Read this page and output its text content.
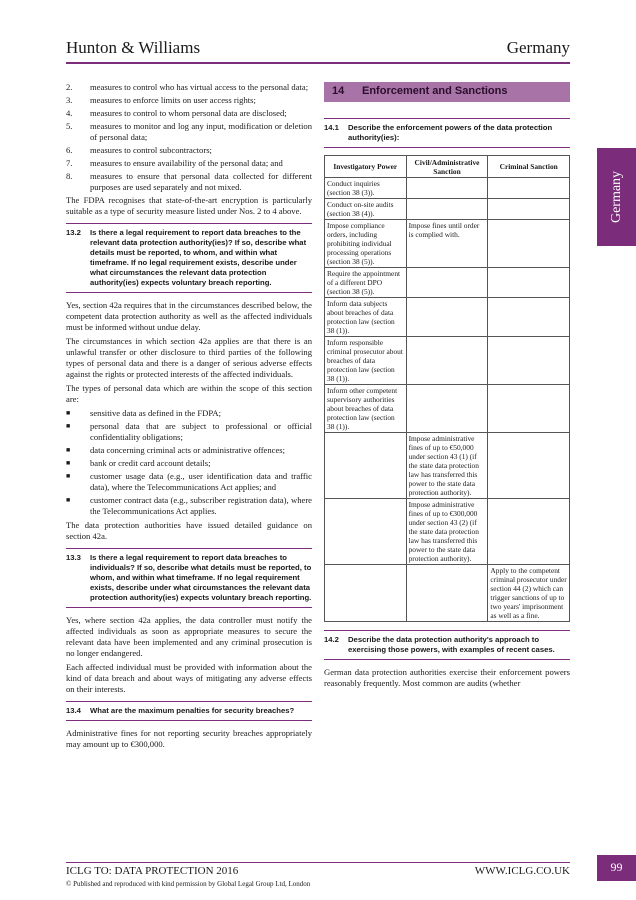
Hunton & Williams	Germany
Germany
2. measures to control who has virtual access to the personal data;
3. measures to enforce limits on user access rights;
4. measures to control to whom personal data are disclosed;
5. measures to monitor and log any input, modification or deletion of personal data;
6. measures to control subcontractors;
7. measures to ensure availability of the personal data; and
8. measures to ensure that personal data collected for different purposes are used separately and not mixed.
The FDPA recognises that state-of-the-art encryption is particularly suitable as a type of security measure listed under Nos. 2 to 4 above.
13.2	Is there a legal requirement to report data breaches to the relevant data protection authority(ies)? If so, describe what details must be reported, to whom, and within what timeframe. If no legal requirement exists, describe under what circumstances the relevant data protection authority(ies) expects voluntary breach reporting.
Yes, section 42a requires that in the circumstances described below, the competent data protection authority as well as the affected individuals must be informed without undue delay.
The circumstances in which section 42a applies are that there is an unlawful transfer or other disclosure to third parties of the following types of personal data and there is a danger of serious adverse effects against the rights or protected interests of the affected individuals.
The types of personal data which are within the scope of this section are:
■ sensitive data as defined in the FDPA;
■ personal data that are subject to professional or official confidentiality obligations;
■ data concerning criminal acts or administrative offences;
■ bank or credit card account details;
■ customer usage data (e.g., user identification data and traffic data), where the Telecommunications Act applies; and
■ customer contract data (e.g., subscriber registration data), where the Telecommunications Act applies.
The data protection authorities have issued detailed guidance on section 42a.
13.3	Is there a legal requirement to report data breaches to individuals? If so, describe what details must be reported, to whom, and within what timeframe. If no legal requirement exists, describe under what circumstances the relevant data protection authority(ies) expects voluntary breach reporting.
Yes, where section 42a applies, the data controller must notify the affected individuals as soon as appropriate measures to secure the relevant data have been implemented and any criminal prosecution is no longer endangered.
Each affected individual must be provided with information about the kind of data breach and about ways of mitigating any adverse effects on their interests.
13.4	What are the maximum penalties for security breaches?
Administrative fines for not reporting security breaches appropriately may amount up to €300,000.
14 Enforcement and Sanctions
14.1	Describe the enforcement powers of the data protection authority(ies):
Investigatory Power	Civil/Administrative Sanction	Criminal Sanction
Conduct inquiries (section 38 (3)).		
Conduct on-site audits (section 38 (4)).		
Impose compliance orders, including prohibiting individual processing operations (section 38 (5)).	Impose fines until order is complied with.	
Require the appointment of a different DPO (section 38 (5)).		
Inform data subjects about breaches of data protection law (section 38 (1)).		
Inform responsible criminal prosecutor about breaches of data protection law (section 38 (1)).		
Inform other competent supervisory authorities about breaches of data protection law (section 38 (1)).		
	Impose administrative fines of up to €50,000 under section 43 (1) (if the state data protection law has transferred this power to the state data protection authority).	
	Impose administrative fines of up to €300,000 under section 43 (2) (if the state data protection law has transferred this power to the state data protection authority).	
		Apply to the competent criminal prosecutor under section 44 (2) which can trigger sanctions of up to two years' imprisonment as well as a fine.
14.2	Describe the data protection authority's approach to exercising those powers, with examples of recent cases.
German data protection authorities exercise their enforcement powers reasonably frequently. Most common are audits (whether
ICLG TO: DATA PROTECTION 2016	WWW.ICLG.CO.UK
© Published and reproduced with kind permission by Global Legal Group Ltd, London
99
